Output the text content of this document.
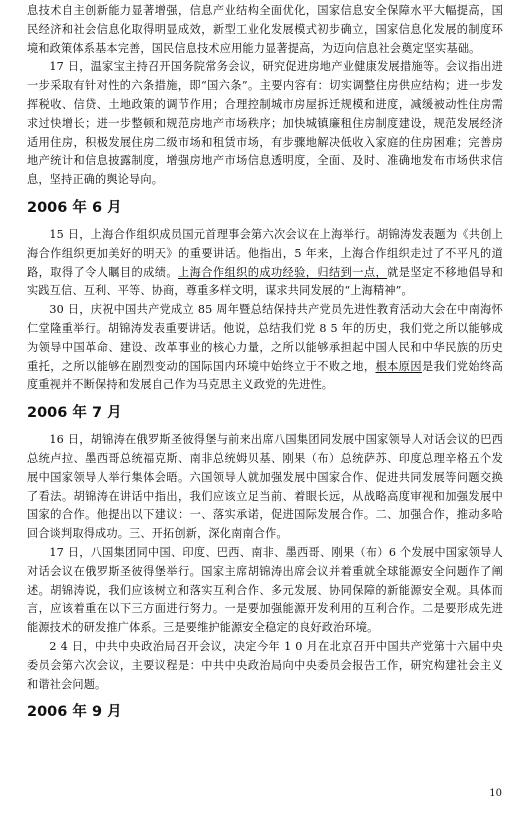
息技术自主创新能力显著增强，信息产业结构全面优化，国家信息安全保障水平大幅提高，国民经济和社会信息化取得明显成效，新型工业化发展模式初步确立，国家信息化发展的制度环境和政策体系基本完善，国民信息技术应用能力显著提高，为迈向信息社会奠定坚实基础。

17 日，温家宝主持召开国务院常务会议，研究促进房地产业健康发展措施等。会议指出进一步采取有针对性的六条措施，即“国六条”。主要内容有：切实调整住房供应结构；进一步发挥税收、信贷、土地政策的调节作用；合理控制城市房屋拆迁规模和进度，减缓被动性住房需求过快增长；进一步整顿和规范房地产市场秩序；加快城镇廉租住房制度建设，规范发展经济适用住房，积极发展住房二级市场和租赁市场，有步骤地解决低收入家庭的住房困难；完善房地产统计和信息披露制度，增强房地产市场信息透明度，全面、及时、准确地发布市场供求信息，坚持正确的舆论导向。

2006 年 6 月

15 日，上海合作组织成员国元首理事会第六次会议在上海举行。胡锦涛发表题为《共创上海合作组织更加美好的明天》的重要讲话。他指出，5 年来，上海合作组织走过了不平凡的道路，取得了令人瞩目的成绩。上海合作组织的成功经验，归结到一点，就是坚定不移地倡导和实践互信、互利、平等、协商，尊重多样文明，谋求共同发展的“上海精神”。

30 日，庆祝中国共产党成立 85 周年暨总结保持共产党员先进性教育活动大会在中南海怀仁堂隆重举行。胡锦涛发表重要讲话。他说，总结我们党 8 5 年的历史，我们党之所以能够成为领导中国革命、建设、改革事业的核心力量，之所以能够承担起中国人民和中华民族的历史重托，之所以能够在剧烈变动的国际国内环境中始终立于不败之地，根本原因是我们党始终高度重视并不断保持和发展自己作为马克思主义政党的先进性。

2006 年 7 月

16 日，胡锦涛在俄罗斯圣彼得堡与前来出席八国集团同发展中国家领导人对话会议的巴西总统卢拉、墨西哥总统福克斯、南非总统姆贝基、刚果（布）总统萨苏、印度总理辛格五个发展中国家领导人举行集体会晤。六国领导人就加强发展中国家合作、促进共同发展等问题交换了看法。胡锦涛在讲话中指出，我们应该立足当前、着眼长远，从战略高度审视和加强发展中国家的合作。他提出以下建议：一、落实承诺，促进国际发展合作。二、加强合作，推动多哈回合谈判取得成功。三、开拓创新，深化南南合作。

17 日，八国集团同中国、印度、巴西、南非、墨西哥、刚果（布）6 个发展中国家领导人对话会议在俄罗斯圣彼得堡举行。国家主席胡锦涛出席会议并着重就全球能源安全问题作了阐述。胡锦涛说，我们应该树立和落实互利合作、多元发展、协同保障的新能源安全观。具体而言，应该着重在以下三方面进行努力。一是要加强能源开发利用的互利合作。二是要形成先进能源技术的研发推广体系。三是要维护能源安全稳定的良好政治环境。

2 4 日，中共中央政治局召开会议，决定今年 1 0 月在北京召开中国共产党第十六届中央委员会第六次会议，主要议程是：中共中央政治局向中央委员会报告工作，研究构建社会主义和谐社会问题。

2006 年 9 月
10
